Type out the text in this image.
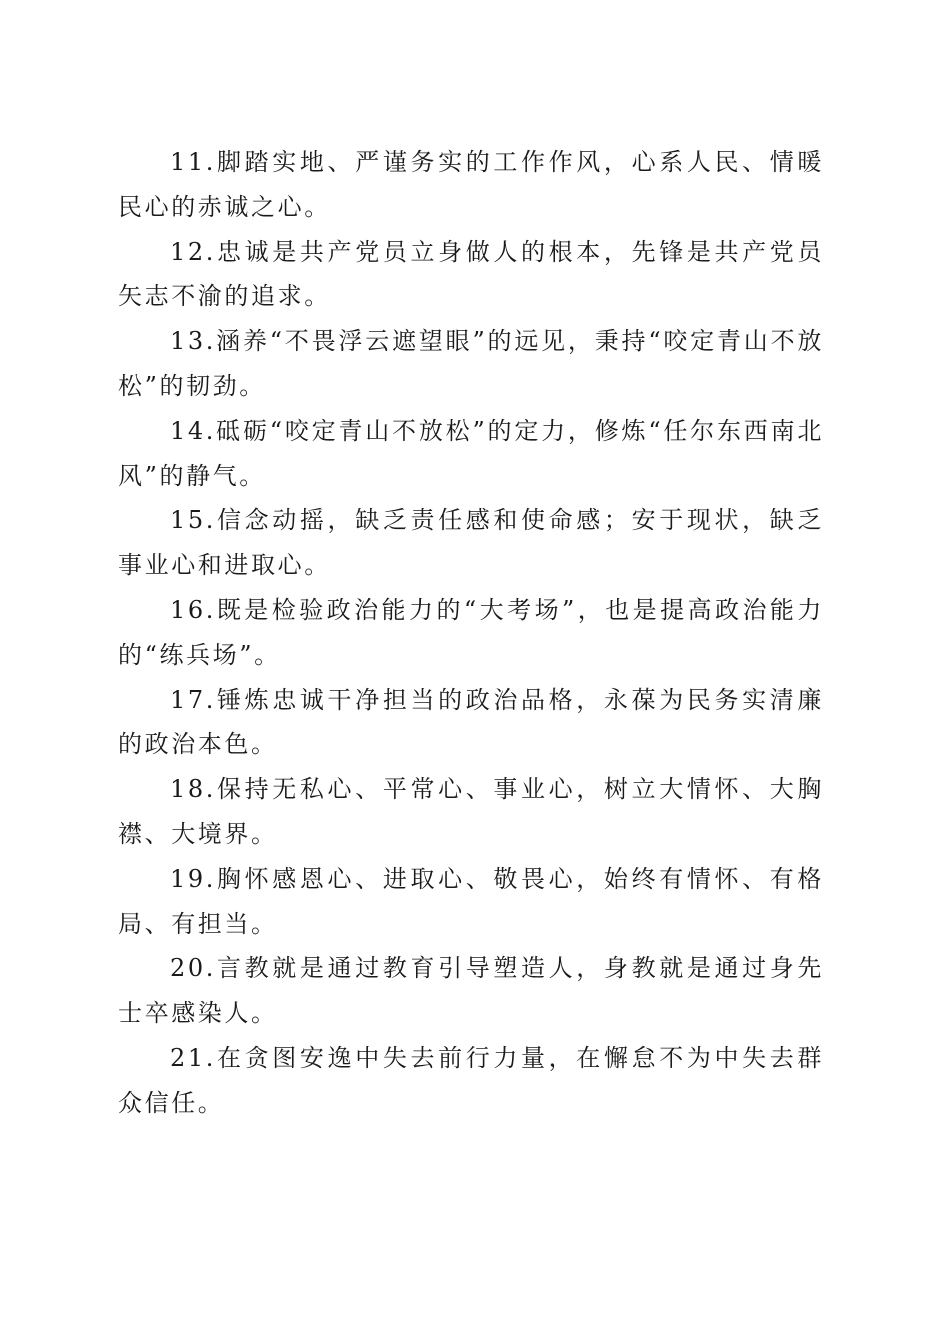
11.脚踏实地、严谨务实的工作作风，心系人民、情暖民心的赤诚之心。

12.忠诚是共产党员立身做人的根本，先锋是共产党员矢志不渝的追求。

13.涵养“不畏浮云遮望眼”的远见，秉持“咬定青山不放松”的韧劲。

14.砥砺“咬定青山不放松”的定力，修炼“任尔东西南北风”的静气。

15.信念动摇，缺乏责任感和使命感；安于现状，缺乏事业心和进取心。

16.既是检验政治能力的“大考场”，也是提高政治能力的“练兵场”。

17.锤炼忠诚干净担当的政治品格，永葆为民务实清廉的政治本色。

18.保持无私心、平常心、事业心，树立大情怀、大胸襟、大境界。

19.胸怀感恩心、进取心、敬畏心，始终有情怀、有格局、有担当。

20.言教就是通过教育引导塑造人，身教就是通过身先士卒感染人。

21.在贪图安逸中失去前行力量，在懈怠不为中失去群众信任。
